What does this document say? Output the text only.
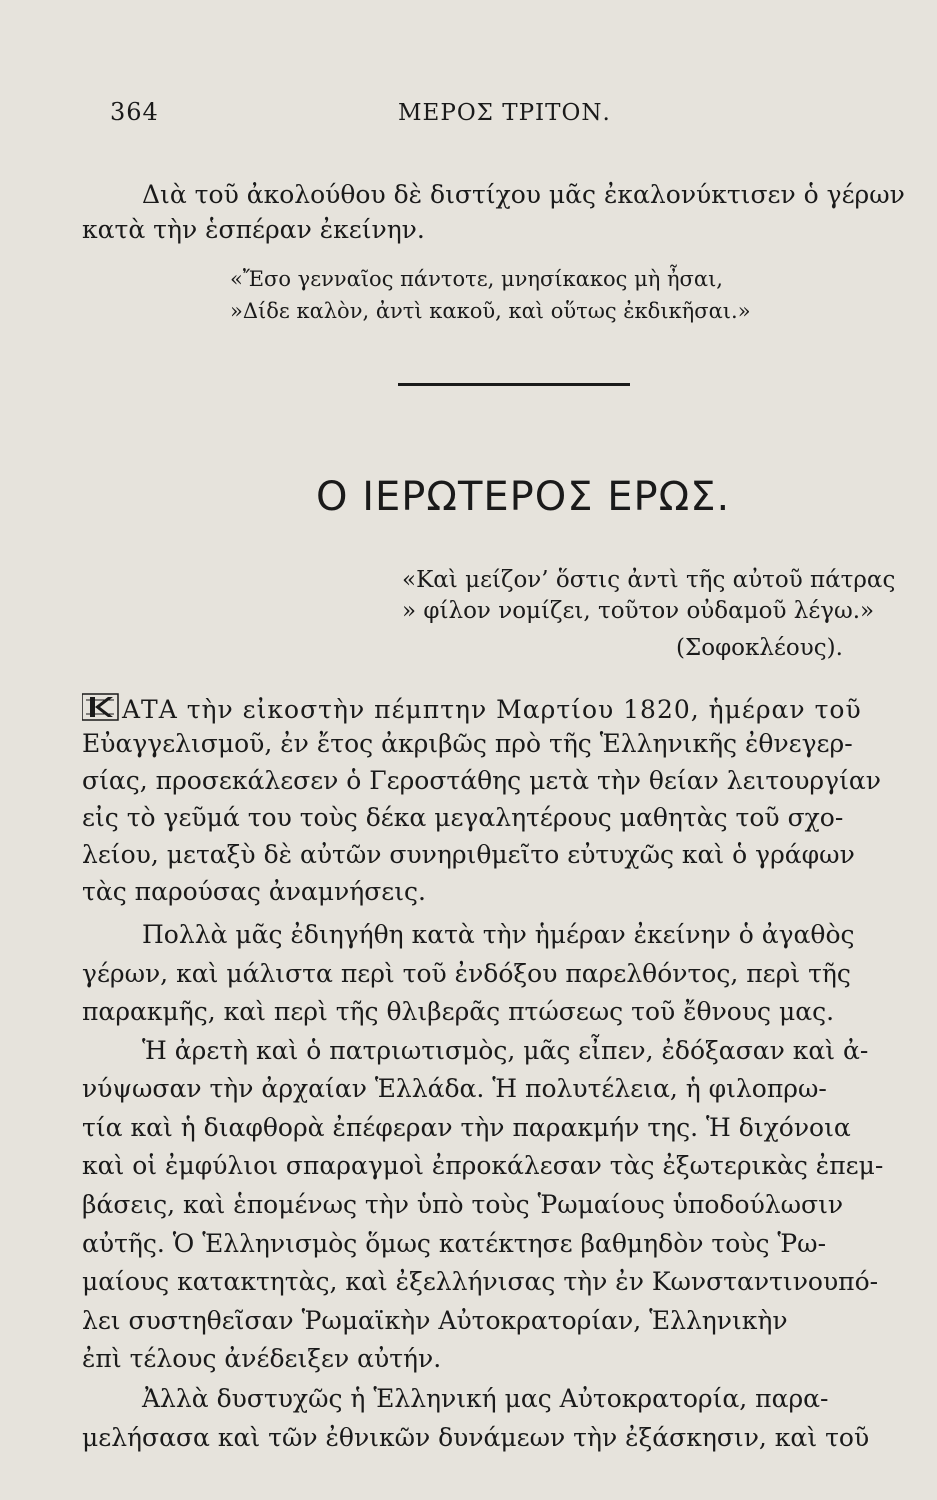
364	ΜΕΡΟΣ ΤΡΙΤΟΝ.
Διὰ τοῦ ἀκολούθου δὲ διστίχου μᾶς ἐκαλονύκτισεν ὁ γέρων
κατὰ τὴν ἑσπέραν ἐκείνην.
«Ἔσο γενναῖος πάντοτε, μνησίκακος μὴ ἦσαι,
»Δίδε καλὸν, ἀντὶ κακοῦ, καὶ οὕτως ἐκδικῆσαι.»
Ο ΙΕΡΩΤΕΡΟΣ ΕΡΩΣ.
«Καὶ μείζον’ ὅστις ἀντὶ τῆς αὐτοῦ πάτρας
» φίλον νομίζει, τοῦτον οὐδαμοῦ λέγω.»
(Σοφοκλέους).
ΑΤΑ τὴν εἰκοστὴν πέμπτην Μαρτίου 1820, ἡμέραν τοῦ
Εὐαγγελισμοῦ, ἐν ἔτος ἀκριβῶς πρὸ τῆς Ἑλληνικῆς ἐθνεγερ-
σίας, προσεκάλεσεν ὁ Γεροστάθης μετὰ τὴν θείαν λειτουργίαν
εἰς τὸ γεῦμά του τοὺς δέκα μεγαλητέρους μαθητὰς τοῦ σχο-
λείου, μεταξὺ δὲ αὐτῶν συνηριθμεῖτο εὐτυχῶς καὶ ὁ γράφων
τὰς παρούσας ἀναμνήσεις.
Πολλὰ μᾶς ἐδιηγήθη κατὰ τὴν ἡμέραν ἐκείνην ὁ ἀγαθὸς
γέρων, καὶ μάλιστα περὶ τοῦ ἐνδόξου παρελθόντος, περὶ τῆς
παρακμῆς, καὶ περὶ τῆς θλιβερᾶς πτώσεως τοῦ ἔθνους μας.
Ἡ ἀρετὴ καὶ ὁ πατριωτισμὸς, μᾶς εἶπεν, ἐδόξασαν καὶ ἀ-
νύψωσαν τὴν ἀρχαίαν Ἑλλάδα. Ἡ πολυτέλεια, ἡ φιλοπρω-
τία καὶ ἡ διαφθορὰ ἐπέφεραν τὴν παρακμήν της. Ἡ διχόνοια
καὶ οἱ ἐμφύλιοι σπαραγμοὶ ἐπροκάλεσαν τὰς ἐξωτερικὰς ἐπεμ-
βάσεις, καὶ ἑπομένως τὴν ὑπὸ τοὺς Ῥωμαίους ὑποδούλωσιν
αὐτῆς. Ὁ Ἑλληνισμὸς ὅμως κατέκτησε βαθμηδὸν τοὺς Ῥω-
μαίους κατακτητὰς, καὶ ἐξελλήνισας τὴν ἐν Κωνσταντινουπό-
λει συστηθεῖσαν Ῥωμαϊκὴν Αὐτοκρατορίαν, Ἑλληνικὴν
ἐπὶ τέλους ἀνέδειξεν αὐτήν.
Ἀλλὰ δυστυχῶς ἡ Ἑλληνική μας Αὐτοκρατορία, παρα-
μελήσασα καὶ τῶν ἐθνικῶν δυνάμεων τὴν ἐξάσκησιν, καὶ τοῦ
